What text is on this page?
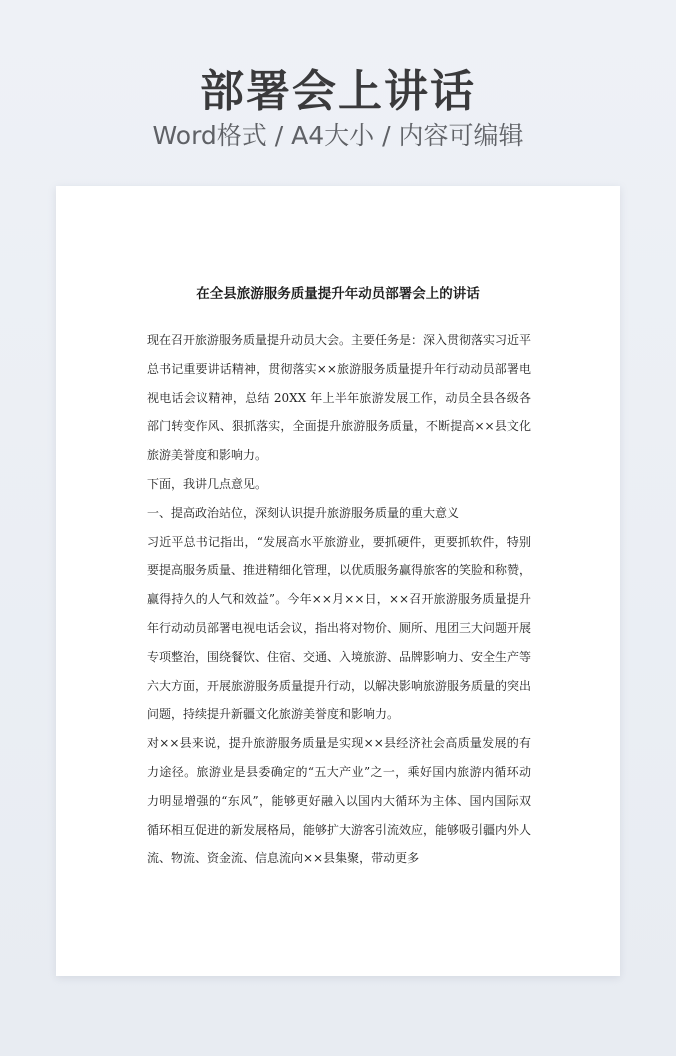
部署会上讲话
Word格式 / A4大小 / 内容可编辑
在全县旅游服务质量提升年动员部署会上的讲话

现在召开旅游服务质量提升动员大会。主要任务是：深入贯彻落实习近平总书记重要讲话精神，贯彻落实××旅游服务质量提升年行动动员部署电视电话会议精神，总结 20XX 年上半年旅游发展工作，动员全县各级各部门转变作风、狠抓落实，全面提升旅游服务质量，不断提高××县文化旅游美誉度和影响力。

下面，我讲几点意见。

一、提高政治站位，深刻认识提升旅游服务质量的重大意义

习近平总书记指出，“发展高水平旅游业，要抓硬件，更要抓软件，特别要提高服务质量、推进精细化管理，以优质服务赢得旅客的笑脸和称赞，赢得持久的人气和效益”。今年××月××日，××召开旅游服务质量提升年行动动员部署电视电话会议，指出将对物价、厕所、甩团三大问题开展专项整治，围绕餐饮、住宿、交通、入境旅游、品牌影响力、安全生产等六大方面，开展旅游服务质量提升行动，以解决影响旅游服务质量的突出问题，持续提升新疆文化旅游美誉度和影响力。

对××县来说，提升旅游服务质量是实现××县经济社会高质量发展的有力途径。旅游业是县委确定的“五大产业”之一，乘好国内旅游内循环动力明显增强的“东风”，能够更好融入以国内大循环为主体、国内国际双循环相互促进的新发展格局，能够扩大游客引流效应，能够吸引疆内外人流、物流、资金流、信息流向××县集聚，带动更多
